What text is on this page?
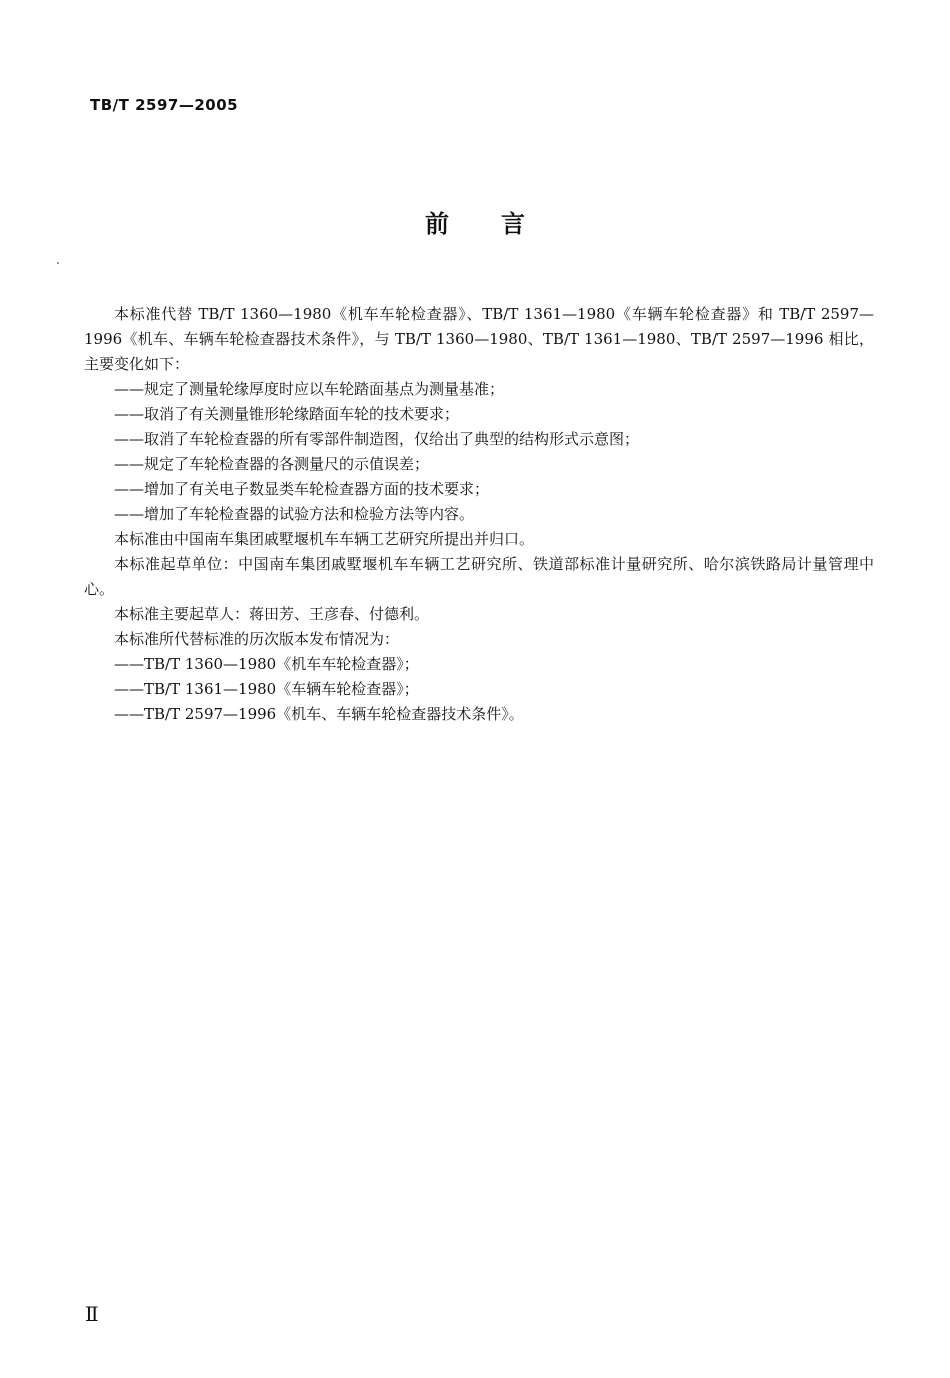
TB/T 2597—2005
前言

本标准代替 TB/T 1360—1980《机车车轮检查器》、TB/T 1361—1980《车辆车轮检查器》和 TB/T 2597—1996《机车、车辆车轮检查器技术条件》，与 TB/T 1360—1980、TB/T 1361—1980、TB/T 2597—1996 相比，主要变化如下：

——规定了测量轮缘厚度时应以车轮踏面基点为测量基准；

——取消了有关测量锥形轮缘踏面车轮的技术要求；

——取消了车轮检查器的所有零部件制造图，仅给出了典型的结构形式示意图；

——规定了车轮检查器的各测量尺的示值误差；

——增加了有关电子数显类车轮检查器方面的技术要求；

——增加了车轮检查器的试验方法和检验方法等内容。

本标准由中国南车集团戚墅堰机车车辆工艺研究所提出并归口。

本标准起草单位：中国南车集团戚墅堰机车车辆工艺研究所、铁道部标准计量研究所、哈尔滨铁路局计量管理中心。

本标准主要起草人：蒋田芳、王彦春、付德利。

本标准所代替标准的历次版本发布情况为：

——TB/T 1360—1980《机车车轮检查器》；

——TB/T 1361—1980《车辆车轮检查器》；

——TB/T 2597—1996《机车、车辆车轮检查器技术条件》。

Ⅱ
